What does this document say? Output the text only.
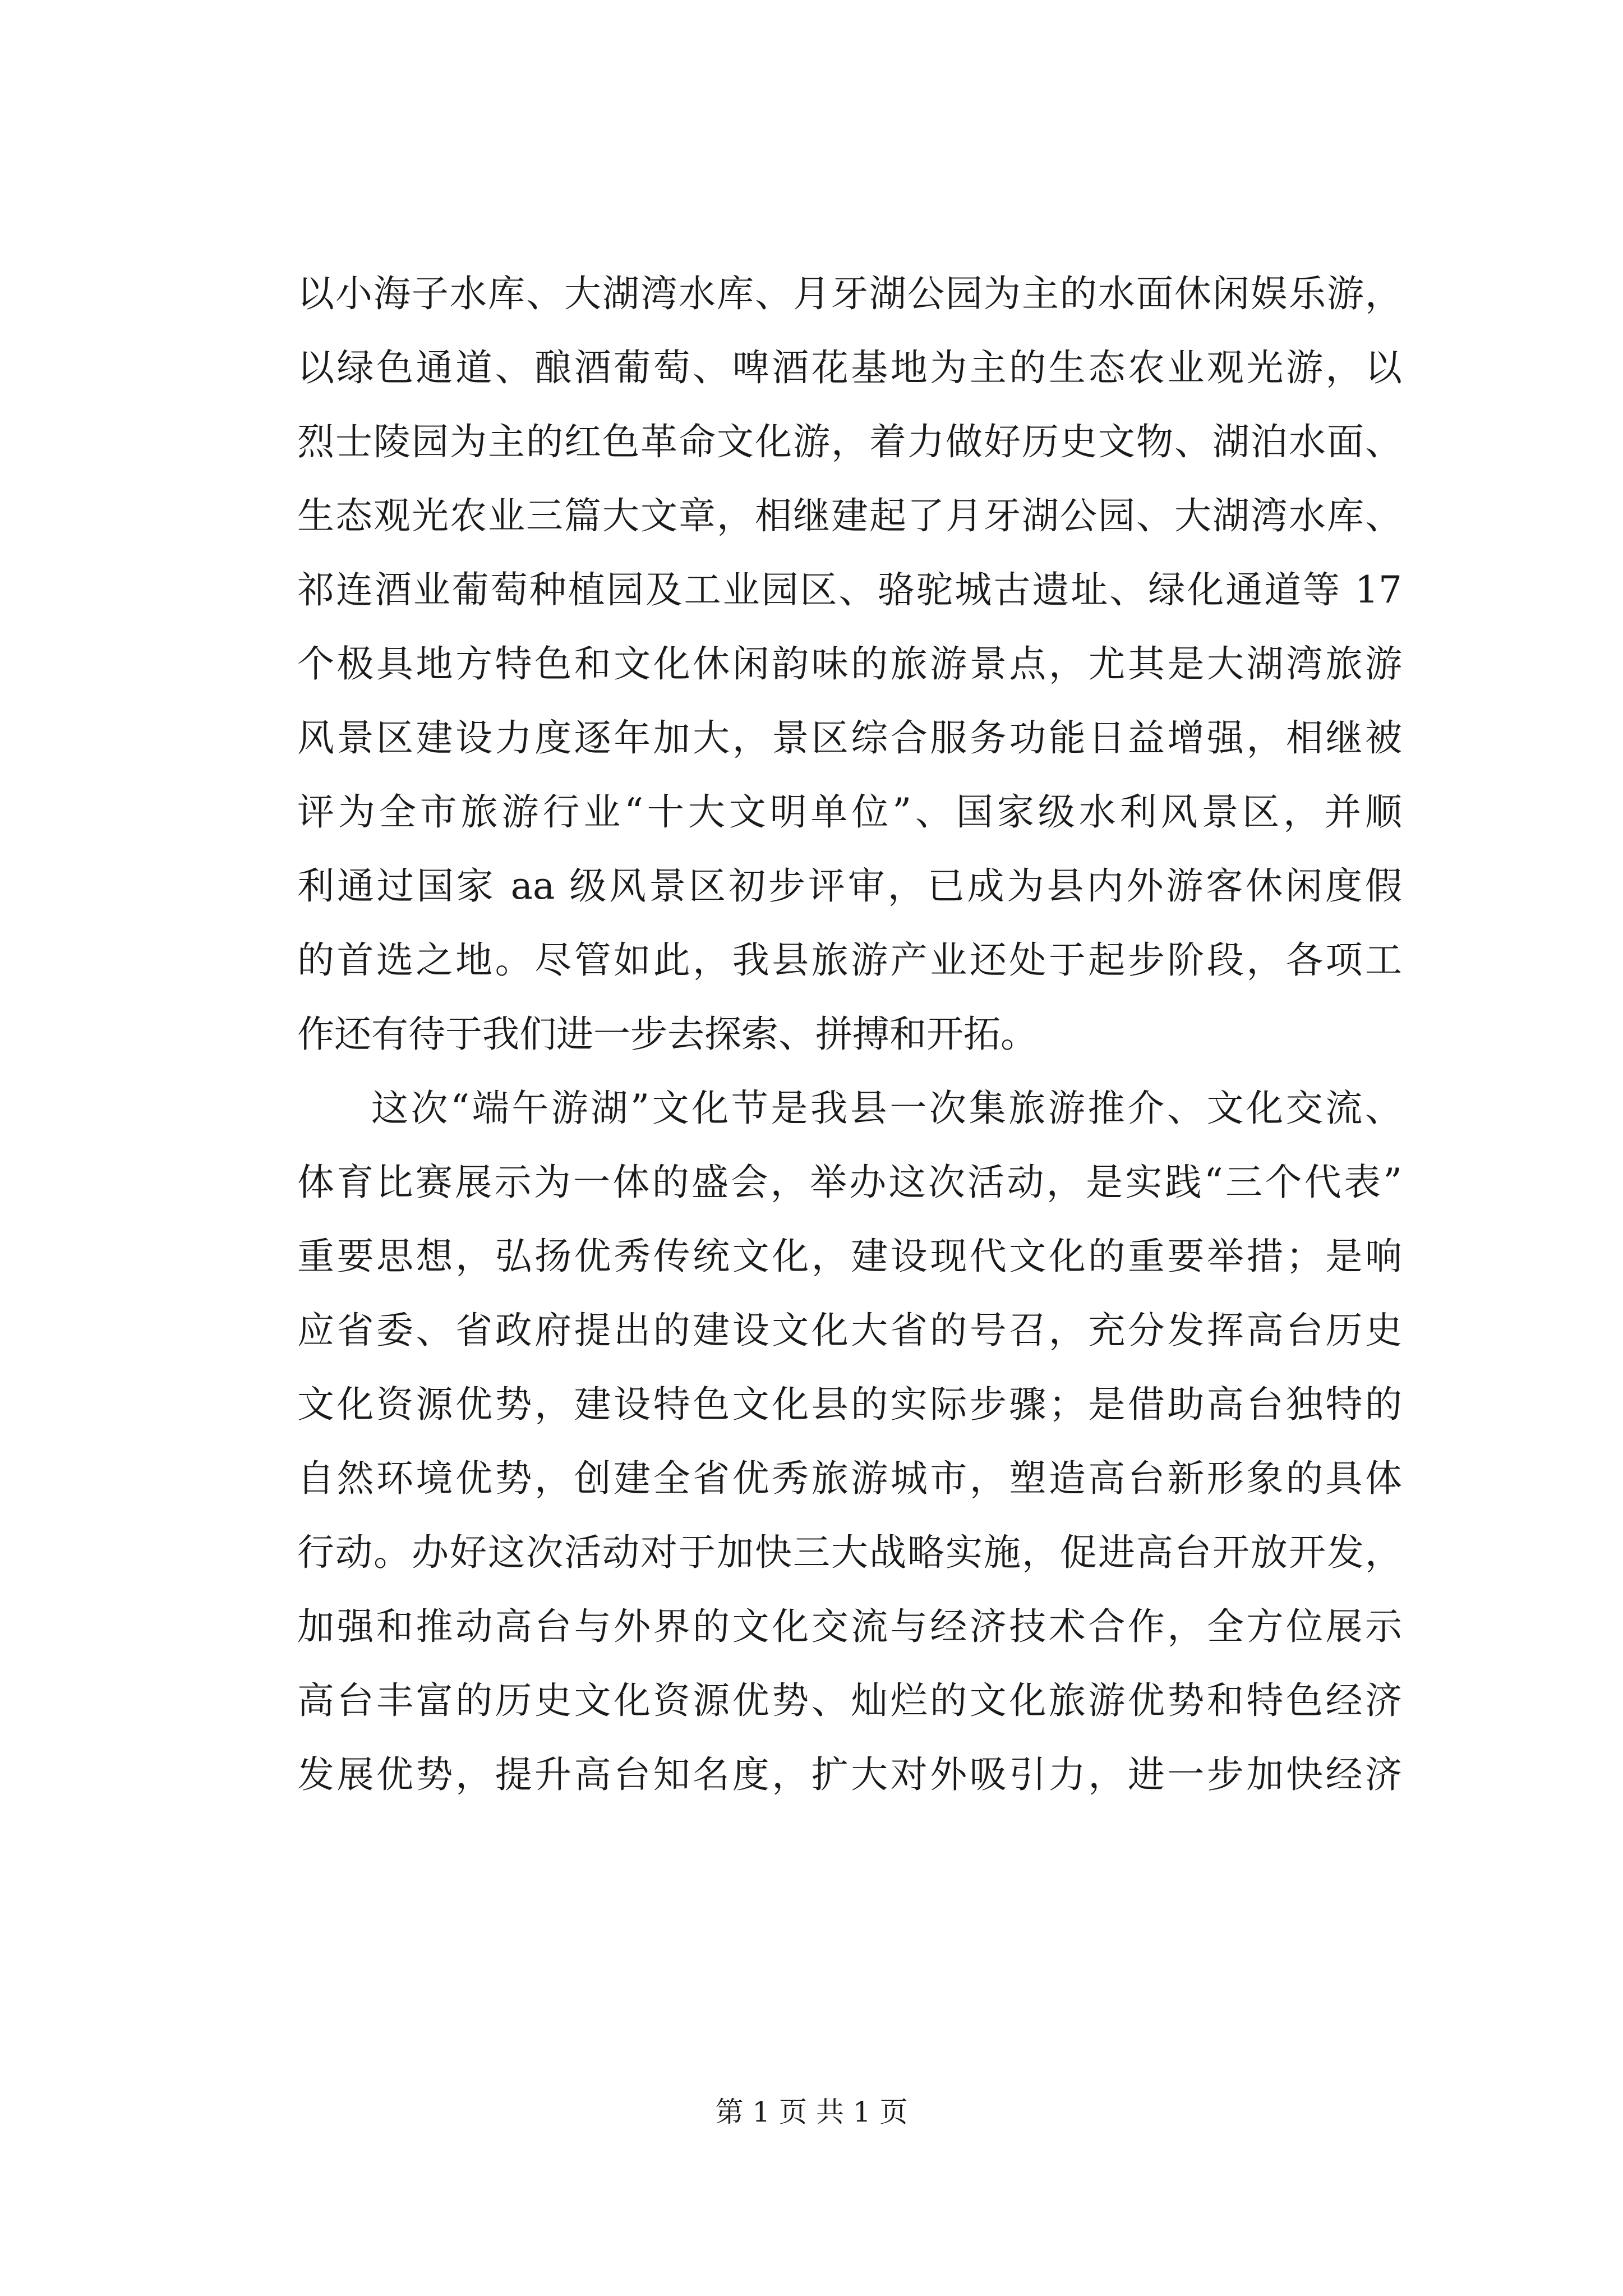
以小海子水库、大湖湾水库、月牙湖公园为主的水面休闲娱乐游，
以绿色通道、酿酒葡萄、啤酒花基地为主的生态农业观光游，以
烈士陵园为主的红色革命文化游，着力做好历史文物、湖泊水面、
生态观光农业三篇大文章，相继建起了月牙湖公园、大湖湾水库、
祁连酒业葡萄种植园及工业园区、骆驼城古遗址、绿化通道等 17
个极具地方特色和文化休闲韵味的旅游景点，尤其是大湖湾旅游
风景区建设力度逐年加大，景区综合服务功能日益增强，相继被
评为全市旅游行业“十大文明单位”、国家级水利风景区，并顺
利通过国家 aa 级风景区初步评审，已成为县内外游客休闲度假
的首选之地。尽管如此，我县旅游产业还处于起步阶段，各项工
作还有待于我们进一步去探索、拼搏和开拓。
这次“端午游湖”文化节是我县一次集旅游推介、文化交流、
体育比赛展示为一体的盛会，举办这次活动，是实践“三个代表”
重要思想，弘扬优秀传统文化，建设现代文化的重要举措；是响
应省委、省政府提出的建设文化大省的号召，充分发挥高台历史
文化资源优势，建设特色文化县的实际步骤；是借助高台独特的
自然环境优势，创建全省优秀旅游城市，塑造高台新形象的具体
行动。办好这次活动对于加快三大战略实施，促进高台开放开发，
加强和推动高台与外界的文化交流与经济技术合作，全方位展示
高台丰富的历史文化资源优势、灿烂的文化旅游优势和特色经济
发展优势，提升高台知名度，扩大对外吸引力，进一步加快经济
第 1 页 共 1 页
